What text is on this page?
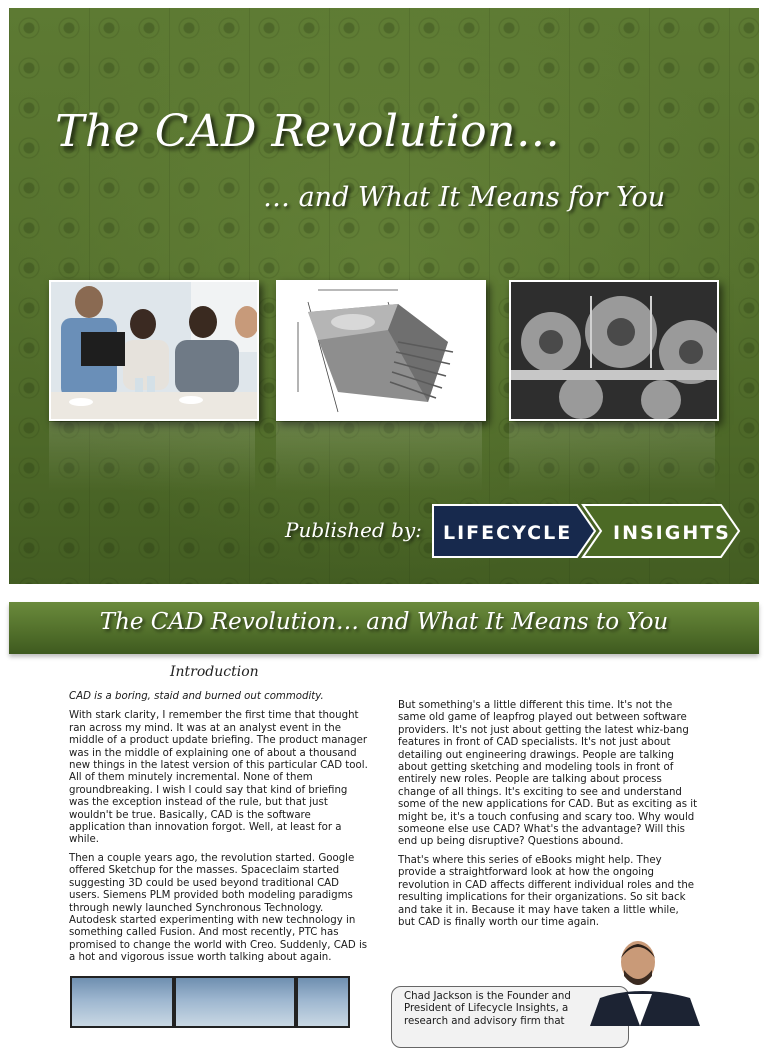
The CAD Revolution…
… and What It Means for You

Published by: LIFECYCLE INSIGHTS
The CAD Revolution… and What It Means to You
Introduction

CAD is a boring, staid and burned out commodity.

With stark clarity, I remember the first time that thought ran across my mind. It was at an analyst event in the middle of a product update briefing. The product manager was in the middle of explaining one of about a thousand new things in the latest version of this particular CAD tool. All of them minutely incremental. None of them groundbreaking. I wish I could say that kind of briefing was the exception instead of the rule, but that just wouldn't be true. Basically, CAD is the software application than innovation forgot. Well, at least for a while.

Then a couple years ago, the revolution started. Google offered Sketchup for the masses. Spaceclaim started suggesting 3D could be used beyond traditional CAD users. Siemens PLM provided both modeling paradigms through newly launched Synchronous Technology. Autodesk started experimenting with new technology in something called Fusion. And most recently, PTC has promised to change the world with Creo. Suddenly, CAD is a hot and vigorous issue worth talking about again.

But something's a little different this time. It's not the same old game of leapfrog played out between software providers. It's not just about getting the latest whiz-bang features in front of CAD specialists. It's not just about detailing out engineering drawings. People are talking about getting sketching and modeling tools in front of entirely new roles. People are talking about process change of all things. It's exciting to see and understand some of the new applications for CAD. But as exciting as it might be, it's a touch confusing and scary too. Why would someone else use CAD? What's the advantage? Will this end up being disruptive? Questions abound.

That's where this series of eBooks might help. They provide a straightforward look at how the ongoing revolution in CAD affects different individual roles and the resulting implications for their organizations. So sit back and take it in. Because it may have taken a little while, but CAD is finally worth our time again.

Chad Jackson is the Founder and President of Lifecycle Insights, a research and advisory firm that
